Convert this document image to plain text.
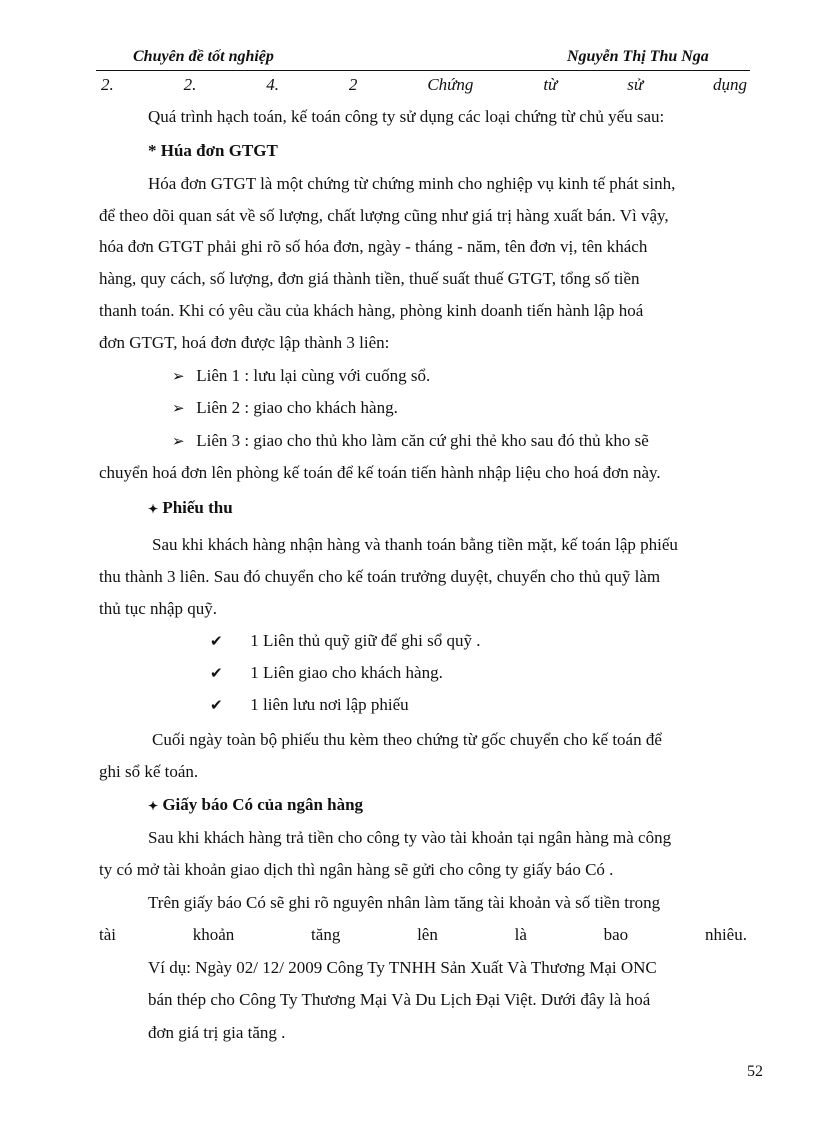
Chuyên đề tốt nghiệp	Nguyễn Thị Thu Nga
2.	2.	4.	2	Chứng	từ	sử	dụng
Quá trình hạch toán, kế toán công ty sử dụng các loại chứng từ chủ yếu sau:
* Húa đơn GTGT
Hóa đơn GTGT là một chứng từ chứng minh cho nghiệp vụ kinh tế phát sinh,
để theo dõi quan sát về số lượng, chất lượng cũng như giá trị hàng xuất bán. Vì vậy,
hóa đơn GTGT phải ghi rõ số hóa đơn, ngày - tháng - năm, tên đơn vị, tên khách
hàng, quy cách, số lượng, đơn giá thành tiền, thuế suất thuế GTGT, tổng số tiền
thanh toán. Khi có yêu cầu của khách hàng, phòng kinh doanh tiến hành lập hoá
đơn GTGT, hoá đơn được lập thành 3 liên:
➢ Liên 1 : lưu lại cùng với cuống sổ.
➢ Liên 2 : giao cho khách hàng.
➢ Liên 3 : giao cho thủ kho làm căn cứ ghi thẻ kho sau đó thủ kho sẽ
chuyển hoá đơn lên phòng kế toán để kế toán tiến hành nhập liệu cho hoá đơn này.
✦ Phiếu thu
Sau khi khách hàng nhận hàng và thanh toán bằng tiền mặt, kế toán lập phiếu
thu thành 3 liên. Sau đó chuyển cho kế toán trưởng duyệt, chuyển cho thủ quỹ làm
thủ tục nhập quỹ.
✔ 1 Liên thủ quỹ giữ để ghi sổ quỹ .
✔ 1 Liên giao cho khách hàng.
✔ 1 liên lưu nơi lập phiếu
Cuối ngày toàn bộ phiếu thu kèm theo chứng từ gốc chuyển cho kế toán để
ghi sổ kế toán.
✦ Giấy báo Có của ngân hàng
Sau khi khách hàng trả tiền cho công ty vào tài khoản tại ngân hàng mà công
ty có mở tài khoản giao dịch thì ngân hàng sẽ gửi cho công ty giấy báo Có .
Trên giấy báo Có sẽ ghi rõ nguyên nhân làm tăng tài khoản và số tiền trong
tài	khoản	tăng	lên	là	bao	nhiêu.
Ví dụ: Ngày 02/ 12/ 2009 Công Ty TNHH Sản Xuất Và Thương Mại ONC
bán thép cho Công Ty Thương Mại Và Du Lịch Đại Việt. Dưới đây là hoá
đơn giá trị gia tăng .
52
